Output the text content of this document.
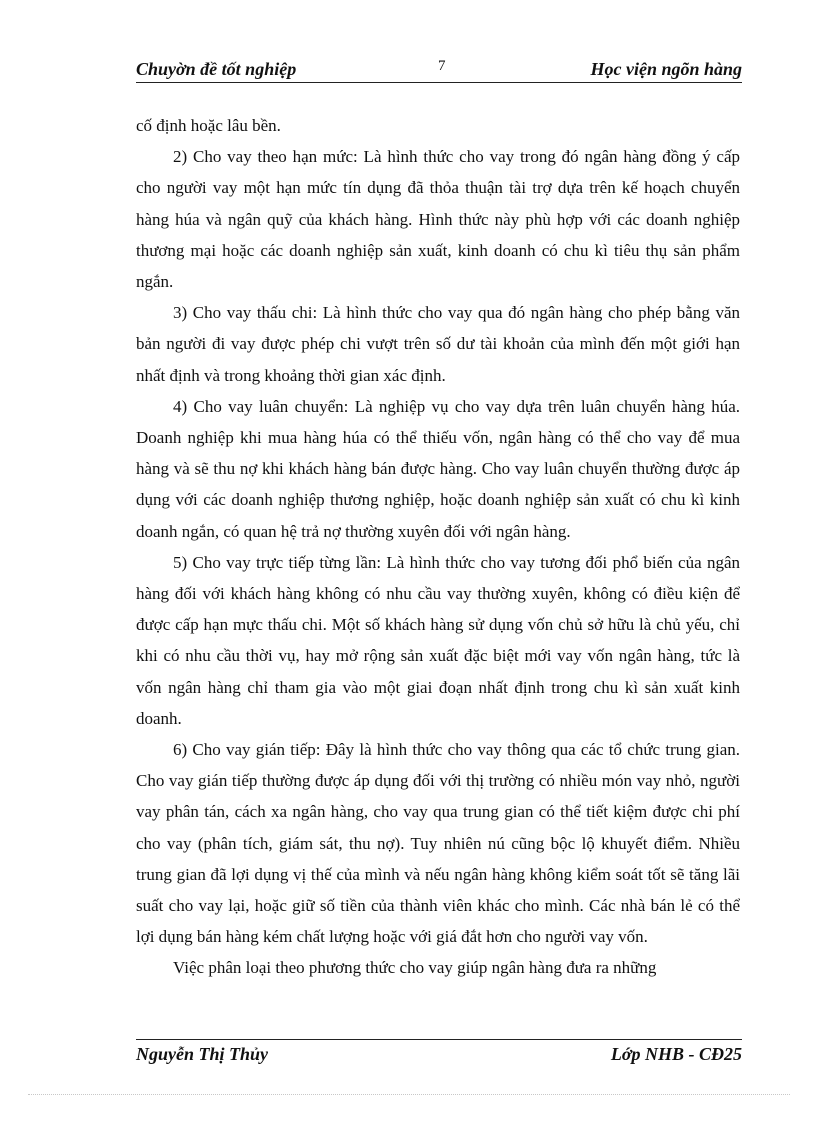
Chuyờn đề tốt nghiệp	7	Học viện ngõn hàng

cố định hoặc lâu bền.

2) Cho vay theo hạn mức: Là hình thức cho vay trong đó ngân hàng đồng ý cấp cho người vay một hạn mức tín dụng đã thỏa thuận tài trợ dựa trên kế hoạch chuyển hàng húa và ngân quỹ của khách hàng. Hình thức này phù hợp với các doanh nghiệp thương mại hoặc các doanh nghiệp sản xuất, kinh doanh có chu kì tiêu thụ sản phẩm ngắn.

3) Cho vay thấu chi: Là hình thức cho vay qua đó ngân hàng cho phép bằng văn bản người đi vay được phép chi vượt trên số dư tài khoản của mình đến một giới hạn nhất định và trong khoảng thời gian xác định.

4) Cho vay luân chuyển: Là nghiệp vụ cho vay dựa trên luân chuyển hàng húa. Doanh nghiệp khi mua hàng húa có thể thiếu vốn, ngân hàng có thể cho vay để mua hàng và sẽ thu nợ khi khách hàng bán được hàng. Cho vay luân chuyển thường được áp dụng với các doanh nghiệp thương nghiệp, hoặc doanh nghiệp sản xuất có chu kì kinh doanh ngắn, có quan hệ trả nợ thường xuyên đối với ngân hàng.

5) Cho vay trực tiếp từng lần: Là hình thức cho vay tương đối phổ biến của ngân hàng đối với khách hàng không có nhu cầu vay thường xuyên, không có điều kiện để được cấp hạn mực thấu chi. Một số khách hàng sử dụng vốn chủ sở hữu là chủ yếu, chỉ khi có nhu cầu thời vụ, hay mở rộng sản xuất đặc biệt mới vay vốn ngân hàng, tức là vốn ngân hàng chỉ tham gia vào một giai đoạn nhất định trong chu kì sản xuất kinh doanh.

6) Cho vay gián tiếp: Đây là hình thức cho vay thông qua các tổ chức trung gian. Cho vay gián tiếp thường được áp dụng đối với thị trường có nhiều món vay nhỏ, người vay phân tán, cách xa ngân hàng, cho vay qua trung gian có thể tiết kiệm được chi phí cho vay (phân tích, giám sát, thu nợ). Tuy nhiên nú cũng bộc lộ khuyết điểm. Nhiều trung gian đã lợi dụng vị thế của mình và nếu ngân hàng không kiểm soát tốt sẽ tăng lãi suất cho vay lại, hoặc giữ số tiền của thành viên khác cho mình. Các nhà bán lẻ có thể lợi dụng bán hàng kém chất lượng hoặc với giá đắt hơn cho người vay vốn.

Việc phân loại theo phương thức cho vay giúp ngân hàng đưa ra những

Nguyễn Thị Thủy	Lớp NHB - CĐ25
